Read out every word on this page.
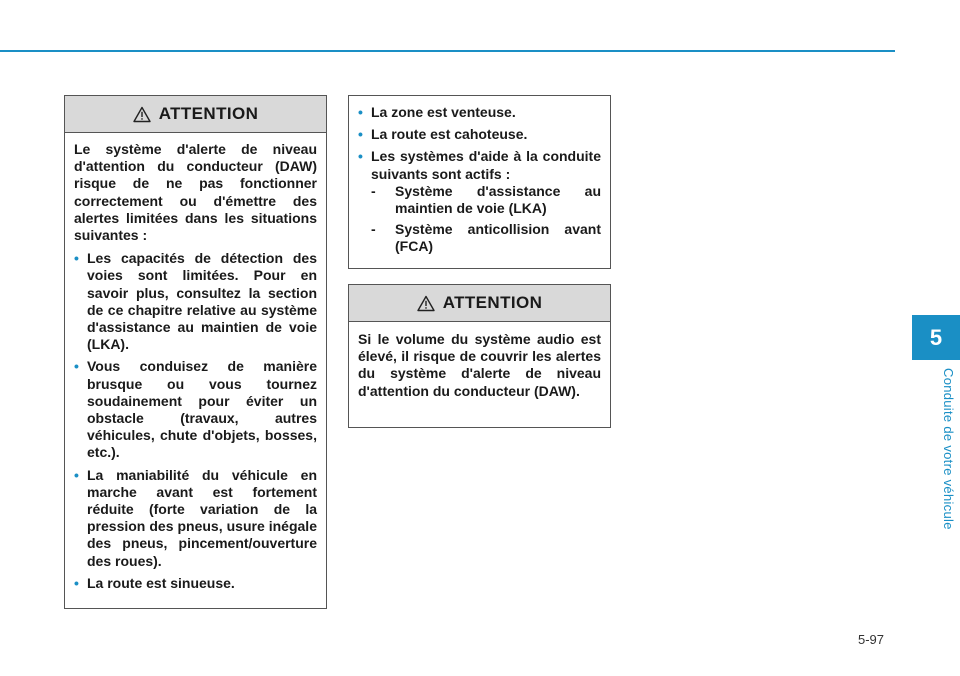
5
Conduite de votre véhicule
5-97
ATTENTION

Le système d'alerte de niveau d'attention du conducteur (DAW) risque de ne pas fonctionner correctement ou d'émettre des alertes limitées dans les situations suivantes :

• Les capacités de détection des voies sont limitées. Pour en savoir plus, consultez la section de ce chapitre relative au système d'assistance au maintien de voie (LKA).
• Vous conduisez de manière brusque ou vous tournez soudainement pour éviter un obstacle (travaux, autres véhicules, chute d'objets, bosses, etc.).
• La maniabilité du véhicule en marche avant est fortement réduite (forte variation de la pression des pneus, usure inégale des pneus, pincement/ouverture des roues).
• La route est sinueuse.
• La zone est venteuse.
• La route est cahoteuse.
• Les systèmes d'aide à la conduite suivants sont actifs :
- Système d'assistance au maintien de voie (LKA)
- Système anticollision avant (FCA)
ATTENTION

Si le volume du système audio est élevé, il risque de couvrir les alertes du système d'alerte de niveau d'attention du conducteur (DAW).
